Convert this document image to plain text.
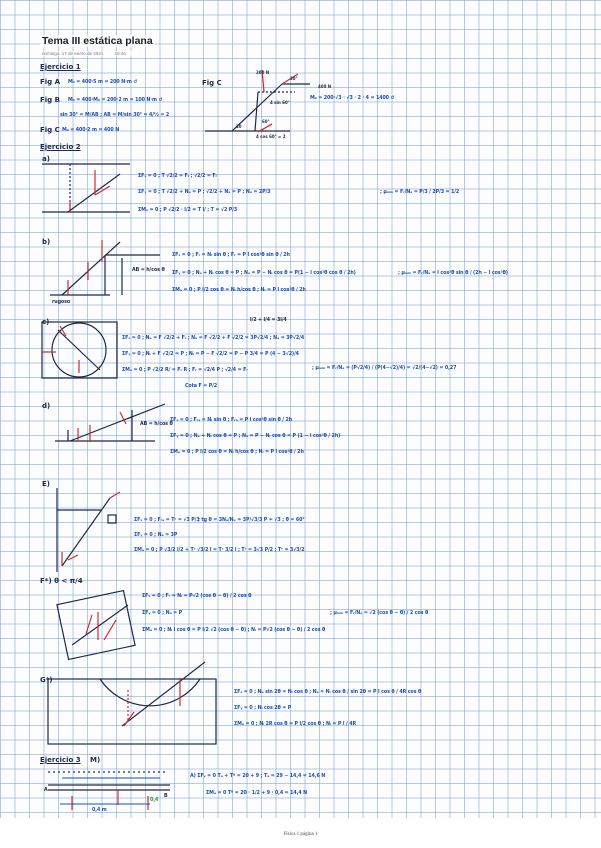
Tema III estática plana
domingo, 17 de enero de 2021	18:46
Ejercicio 1
Fig A M₀ = 400·5 m = 200 N·m ↺
Fig B M₀ = 400·M₀ = 200·2 m = 100 N·m ↺
sin 30° = M/AB ; AB = M/sin 30° = 4/½ = 2
Fig C M₀ = 400·2 m = 400 N
Fig C
M₀ = 200·√3 · √3 · 2 · 4 = 1400 ↺
200 N
30°
60°
400 N
4 sin 60°
4 cos 60° = 2
30
Ejercicio 2
a)
b)
c)
d)
E)
F*) θ < π/4
G*)
ΣFₓ = 0 ; T √2/2 = Fᵣ ; √2/2 = Fᵣ
ΣFᵧ = 0 ; T √2/2 + Nₐ = P ; √2/2 + Nₐ = P ; Nₐ = 2P/3
ΣMₐ = 0 ; P √2/2 · l/2 = T l/ ; T = √2 P/3
; μₘᵢₙ = Fᵣ/Nₐ = P/3 / 2P/3 = 1/2
ΣFₓ = 0 ; Fᵣ = Nᵢ sin θ ; Fᵣ = P l cos²θ sin θ / 2h
ΣFᵧ = 0 ; Nₐ + Nᵢ cos θ = P ; Nₐ = P − Nᵢ cos θ = P(1 − l cos²θ cos θ / 2h)
ΣMₐ = 0 ; P l/2 cos θ = Nᵢ h/cos θ ; Nᵢ = P l cos²θ / 2h
; μₘᵢₙ = Fᵣ/Nₐ = l cos²θ sin θ / (2h − l cos³θ)
AB = h/cos θ
rugoso
l/2 + l/4 = 3l/4
ΣFₓ = 0 ; Nₐ = F √2/2 + Fᵣ ; Nₐ = F √2/2 + F √2/2 = 3P√2/4 ; Nₐ = 3P√2/4
ΣFᵧ = 0 ; Nᵢ + F √2/2 = P ; Nᵢ = P − F √2/2 = P − P 3/4 = P (4 − 3√2)/4
ΣMₐ = 0 ; P √2/2 R/ = Fᵣ R ; Fᵣ = √2/4 P ; √2/4 = Fᵣ
Cota F = P/2
; μₘᵢₙ = Fᵣ/Nₐ = (P√2/4) / (P(4−√2)/4) = √2/(4−√2) = 0,27
ΣFₓ = 0 ; Fᵣₐ = Nᵢ sin θ ; Fᵣₐ = P l cos²θ sin θ / 2h
ΣFᵧ = 0 ; Nₐ + Nᵢ cos θ = P ; Nₐ = P − Nᵢ cos θ = P (1 − l cos³θ / 2h)
ΣMₐ = 0 ; P l/2 cos θ = Nᵢ h/cos θ ; Nᵢ = P l cos²θ / 2h
AB = h/cos θ
ΣFₓ = 0 ; Fᵣₐ = Tᶜ = √3 P/3
ΣFᵧ = 0 ; Nₐ = 3P
ΣMₐ = 0 ; P √3/2 l/2 + Tᶜ √3/2 l = Tᶜ 3/2 l ; Tᶜ = 3√3 P/2 ; Tᶜ = 3√3/2
; tg θ = 3Nₐ/Nₐ = 3P/√3/3 P = √3 ; θ = 60°
ΣFₓ = 0 ; Fᵣ = Nᵢ = P√2 (cos θ − θ) / 2 cos θ
ΣFᵧ = 0 ; Nₐ = P
ΣMₐ = 0 ; Nᵢ l cos θ = P l/2 √2 (cos θ − θ) ; Nᵢ = P√2 (cos θ − θ) / 2 cos θ
; μₘᵢₙ = Fᵣ/Nₐ = √2 (cos θ − θ) / 2 cos θ
ΣFₓ = 0 ; Nₐ sin 2θ = Nᵢ cos θ ; Nₐ = Nᵢ cos θ / sin 2θ = P l cos θ / 4R cos θ
ΣFᵧ = 0 ; Nᵢ cos 2θ = P
ΣMₐ = 0 ; Nᵢ 2R cos θ = P l/2 cos θ ; Nᵢ = P l / 4R
Ejercicio 3 M)
A) ΣFᵧ = 0 Tₐ + Tᴮ = 20 + 9 ; Tₐ = 29 − 14,4 = 14,6 N
ΣMₐ = 0 Tᴮ = 20 · 1/2 + 9 · 0,4 = 14,4 N
A
B
0,4 m
0,4
Física 1 página 1
